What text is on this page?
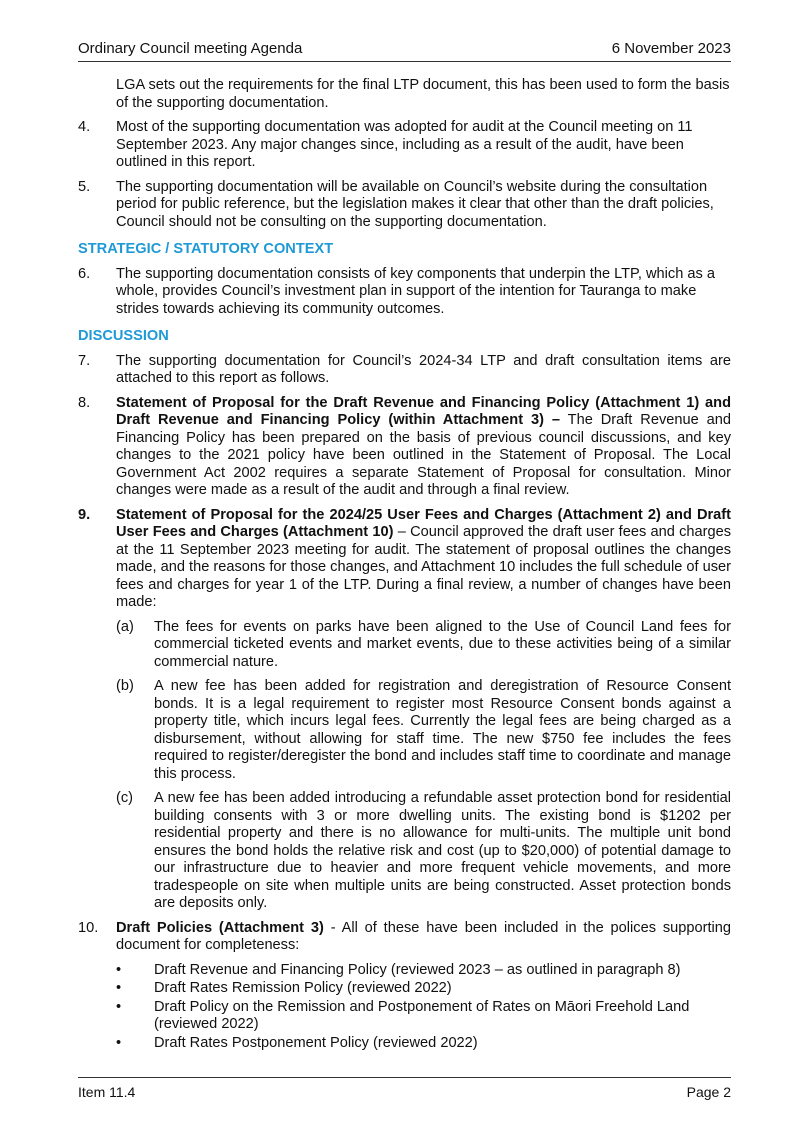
Ordinary Council meeting Agenda	6 November 2023

LGA sets out the requirements for the final LTP document, this has been used to form the basis of the supporting documentation.

4. Most of the supporting documentation was adopted for audit at the Council meeting on 11 September 2023. Any major changes since, including as a result of the audit, have been outlined in this report.

5. The supporting documentation will be available on Council’s website during the consultation period for public reference, but the legislation makes it clear that other than the draft policies, Council should not be consulting on the supporting documentation.

STRATEGIC / STATUTORY CONTEXT

6. The supporting documentation consists of key components that underpin the LTP, which as a whole, provides Council’s investment plan in support of the intention for Tauranga to make strides towards achieving its community outcomes.

DISCUSSION

7. The supporting documentation for Council’s 2024-34 LTP and draft consultation items are attached to this report as follows.

8. Statement of Proposal for the Draft Revenue and Financing Policy (Attachment 1) and Draft Revenue and Financing Policy (within Attachment 3) – The Draft Revenue and Financing Policy has been prepared on the basis of previous council discussions, and key changes to the 2021 policy have been outlined in the Statement of Proposal. The Local Government Act 2002 requires a separate Statement of Proposal for consultation. Minor changes were made as a result of the audit and through a final review.

9. Statement of Proposal for the 2024/25 User Fees and Charges (Attachment 2) and Draft User Fees and Charges (Attachment 10) – Council approved the draft user fees and charges at the 11 September 2023 meeting for audit. The statement of proposal outlines the changes made, and the reasons for those changes, and Attachment 10 includes the full schedule of user fees and charges for year 1 of the LTP. During a final review, a number of changes have been made:

(a) The fees for events on parks have been aligned to the Use of Council Land fees for commercial ticketed events and market events, due to these activities being of a similar commercial nature.

(b) A new fee has been added for registration and deregistration of Resource Consent bonds. It is a legal requirement to register most Resource Consent bonds against a property title, which incurs legal fees. Currently the legal fees are being charged as a disbursement, without allowing for staff time. The new $750 fee includes the fees required to register/deregister the bond and includes staff time to coordinate and manage this process.

(c) A new fee has been added introducing a refundable asset protection bond for residential building consents with 3 or more dwelling units. The existing bond is $1202 per residential property and there is no allowance for multi-units. The multiple unit bond ensures the bond holds the relative risk and cost (up to $20,000) of potential damage to our infrastructure due to heavier and more frequent vehicle movements, and more tradespeople on site when multiple units are being constructed. Asset protection bonds are deposits only.

10. Draft Policies (Attachment 3) - All of these have been included in the polices supporting document for completeness:

• Draft Revenue and Financing Policy (reviewed 2023 – as outlined in paragraph 8)
• Draft Rates Remission Policy (reviewed 2022)
• Draft Policy on the Remission and Postponement of Rates on Māori Freehold Land (reviewed 2022)
• Draft Rates Postponement Policy (reviewed 2022)
Item 11.4	Page 2
